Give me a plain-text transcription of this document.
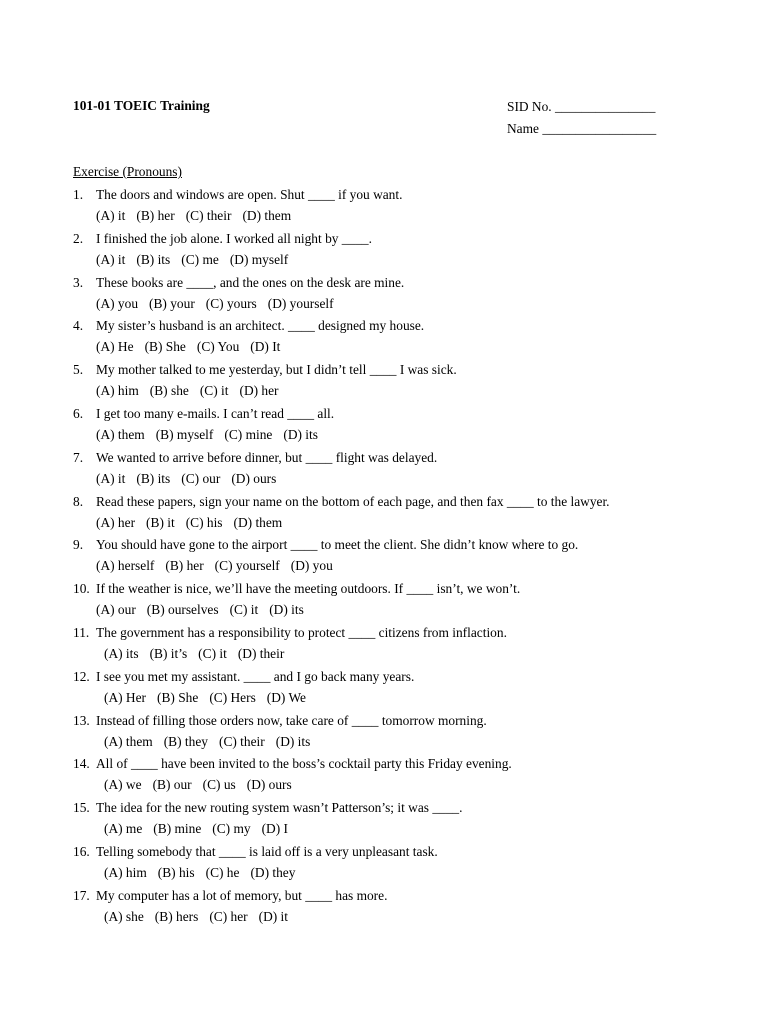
101-01 TOEIC Training	SID No. _______________
Name _________________
Exercise (Pronouns)
1. The doors and windows are open. Shut ____ if you want.
(A) it (B) her (C) their (D) them
2. I finished the job alone. I worked all night by ____.
(A) it (B) its (C) me (D) myself
3. These books are ____, and the ones on the desk are mine.
(A) you (B) your (C) yours (D) yourself
4. My sister’s husband is an architect. ____ designed my house.
(A) He (B) She (C) You (D) It
5. My mother talked to me yesterday, but I didn’t tell ____ I was sick.
(A) him (B) she (C) it (D) her
6. I get too many e-mails. I can’t read ____ all.
(A) them (B) myself (C) mine (D) its
7. We wanted to arrive before dinner, but ____ flight was delayed.
(A) it (B) its (C) our (D) ours
8. Read these papers, sign your name on the bottom of each page, and then fax ____ to the lawyer.
(A) her (B) it (C) his (D) them
9. You should have gone to the airport ____ to meet the client. She didn’t know where to go.
(A) herself (B) her (C) yourself (D) you
10. If the weather is nice, we’ll have the meeting outdoors. If ____ isn’t, we won’t.
(A) our (B) ourselves (C) it (D) its
11. The government has a responsibility to protect ____ citizens from inflaction.
(A) its (B) it’s (C) it (D) their
12. I see you met my assistant. ____ and I go back many years.
(A) Her (B) She (C) Hers (D) We
13. Instead of filling those orders now, take care of ____ tomorrow morning.
(A) them (B) they (C) their (D) its
14. All of ____ have been invited to the boss’s cocktail party this Friday evening.
(A) we (B) our (C) us (D) ours
15. The idea for the new routing system wasn’t Patterson’s; it was ____.
(A) me (B) mine (C) my (D) I
16. Telling somebody that ____ is laid off is a very unpleasant task.
(A) him (B) his (C) he (D) they
17. My computer has a lot of memory, but ____ has more.
(A) she (B) hers (C) her (D) it
